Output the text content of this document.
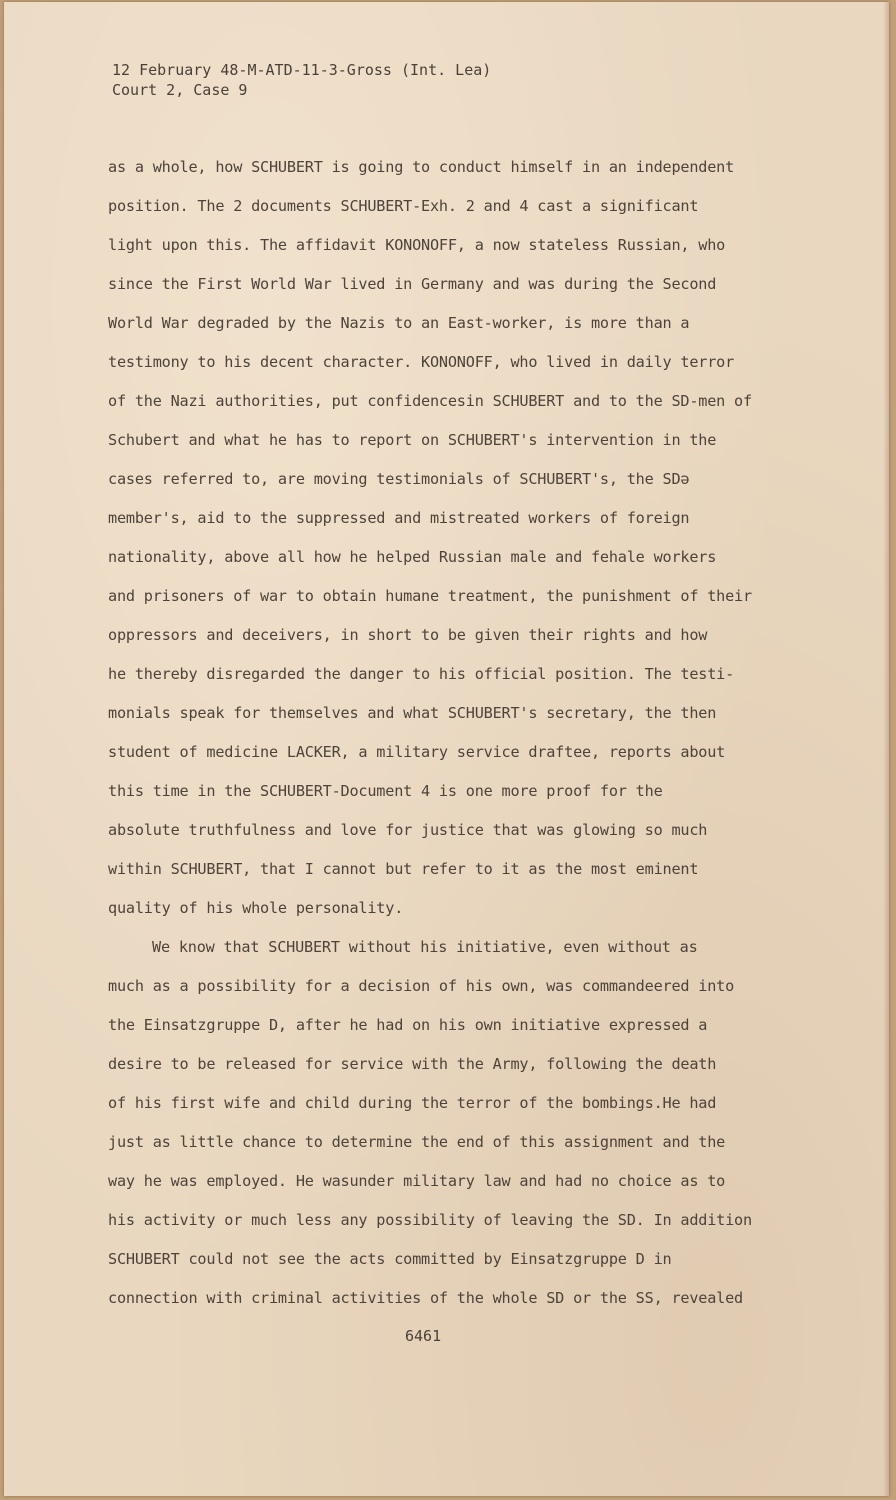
12 February 48-M-ATD-11-3-Gross (Int. Lea)
Court 2, Case 9
as a whole, how SCHUBERT is going to conduct himself in an independent
position. The 2 documents SCHUBERT-Exh. 2 and 4 cast a significant
light upon this. The affidavit KONONOFF, a now stateless Russian, who
since the First World War lived in Germany and was during the Second
World War degraded by the Nazis to an East-worker, is more than a
testimony to his decent character. KONONOFF, who lived in daily terror
of the Nazi authorities, put confidencesin SCHUBERT and to the SD-men of
Schubert and what he has to report on SCHUBERT's intervention in the
cases referred to, are moving testimonials of SCHUBERT's, the SDə
member's, aid to the suppressed and mistreated workers of foreign
nationality, above all how he helped Russian male and fehale workers
and prisoners of war to obtain humane treatment, the punishment of their
oppressors and deceivers, in short to be given their rights and how
he thereby disregarded the danger to his official position. The testi-
monials speak for themselves and what SCHUBERT's secretary, the then
student of medicine LACKER, a military service draftee, reports about
this time in the SCHUBERT-Document 4 is one more proof for the
absolute truthfulness and love for justice that was glowing so much
within SCHUBERT, that I cannot but refer to it as the most eminent
quality of his whole personality.
We know that SCHUBERT without his initiative, even without as
much as a possibility for a decision of his own, was commandeered into
the Einsatzgruppe D, after he had on his own initiative expressed a
desire to be released for service with the Army, following the death
of his first wife and child during the terror of the bombings.He had
just as little chance to determine the end of this assignment and the
way he was employed. He wasunder military law and had no choice as to
his activity or much less any possibility of leaving the SD. In addition
SCHUBERT could not see the acts committed by Einsatzgruppe D in
connection with criminal activities of the whole SD or the SS, revealed
6461
